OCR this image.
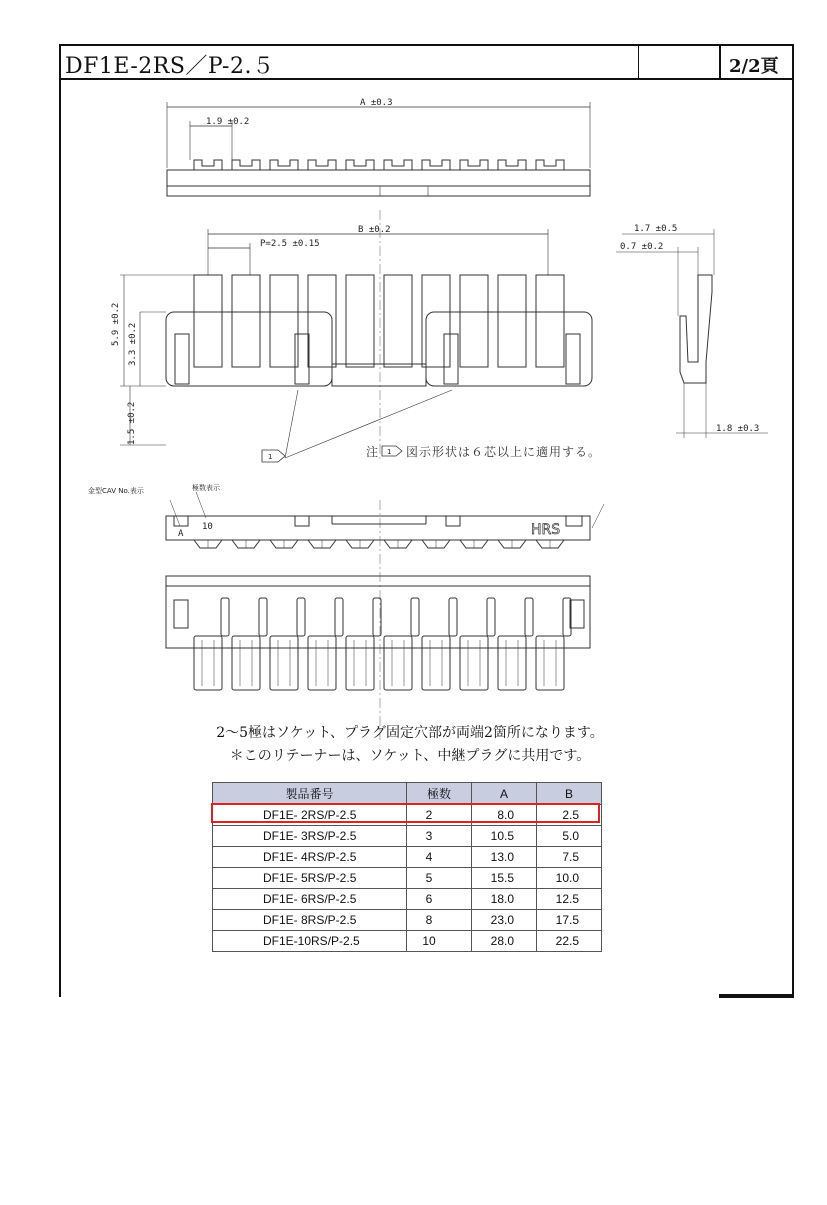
DF1E-2RS／P-2.５	2/2頁
A ±0.3
1.9 ±0.2
B ±0.2
P=2.5 ±0.15
1.7 ±0.5
0.7 ±0.2
1.8 ±0.3
5.9 ±0.2 3.3 ±0.2
1.5 ±0.2
1	注 1 図示形状は６芯以上に適用する。
金型CAV No.表示	極数表示
A
10	HRS
2～5極はソケット、プラグ固定穴部が両端2箇所になります。
＊このリテーナーは、ソケット、中継プラグに共用です。
製品番号	極数	A	B
DF1E- 2RS/P-2.5	2	8.0	2.5
DF1E- 3RS/P-2.5	3	10.5	5.0
DF1E- 4RS/P-2.5	4	13.0	7.5
DF1E- 5RS/P-2.5	5	15.5	10.0
DF1E- 6RS/P-2.5	6	18.0	12.5
DF1E- 8RS/P-2.5	8	23.0	17.5
DF1E-10RS/P-2.5	10	28.0	22.5
